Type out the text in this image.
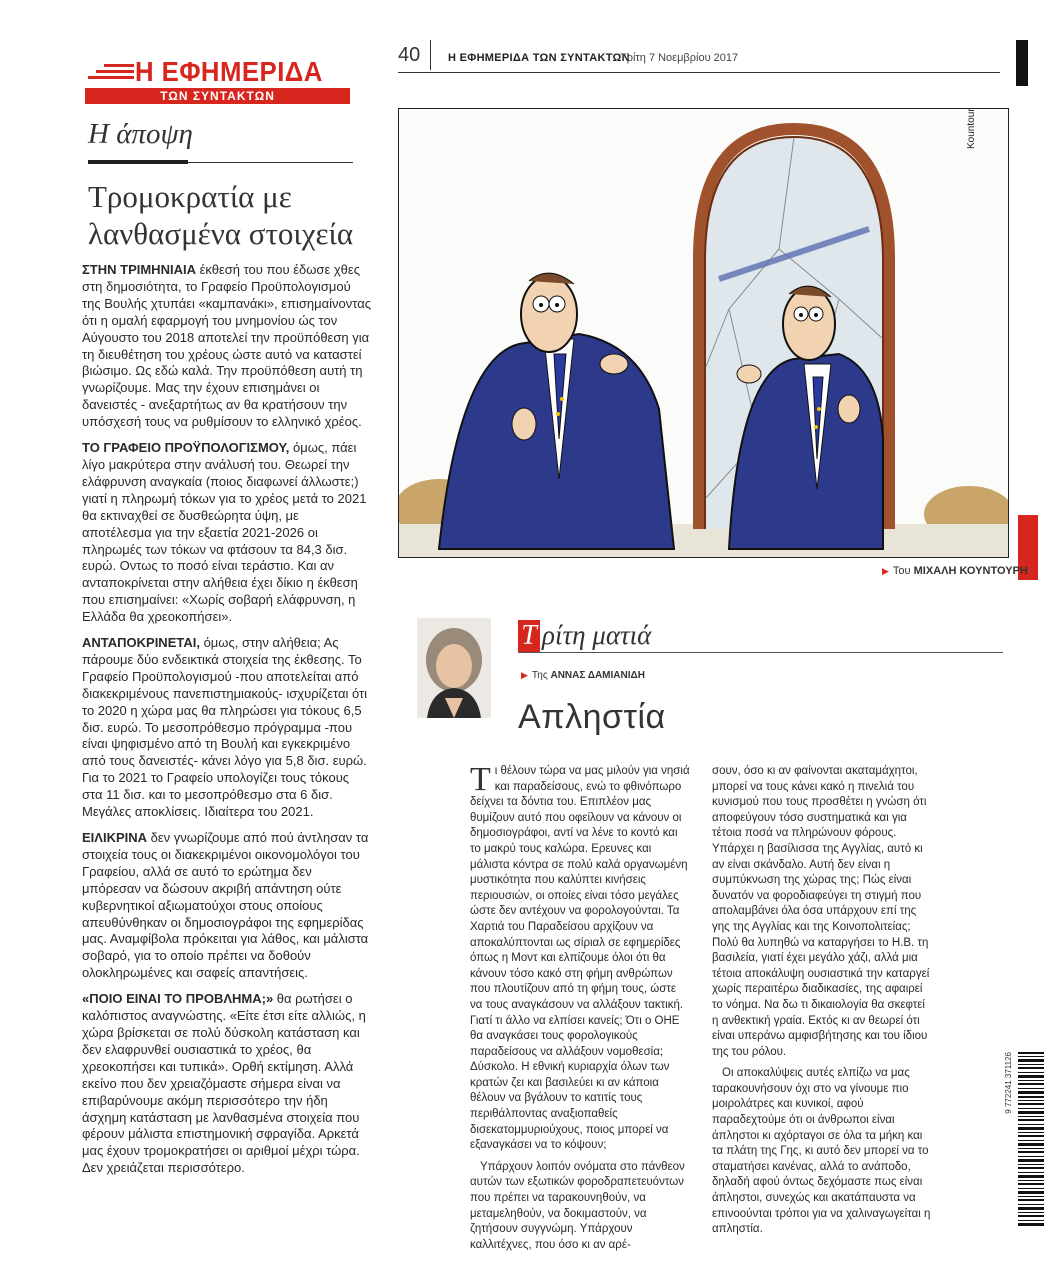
Η ΕΦΗΜΕΡΙΔΑ
ΤΩΝ ΣΥΝΤΑΚΤΩΝ
Η άποψη
Τρομοκρατία με λανθασμένα στοιχεία

ΣΤΗΝ ΤΡΙΜΗΝΙΑΙΑ έκθεσή του που έδωσε χθες στη δημοσιότητα, το Γραφείο Προϋπολογισμού της Βουλής χτυπάει «καμπανάκι», επισημαίνοντας ότι η ομαλή εφαρμογή του μνημονίου ώς τον Αύγουστο του 2018 αποτελεί την προϋπόθεση για τη διευθέτηση του χρέους ώστε αυτό να καταστεί βιώσιμο. Ως εδώ καλά. Την προϋπόθεση αυτή τη γνωρίζουμε. Μας την έχουν επισημάνει οι δανειστές - ανεξαρτήτως αν θα κρατήσουν την υπόσχεσή τους να ρυθμίσουν το ελληνικό χρέος.

ΤΟ ΓΡΑΦΕΙΟ ΠΡΟΫΠΟΛΟΓΙΣΜΟΥ, όμως, πάει λίγο μακρύτερα στην ανάλυσή του. Θεωρεί την ελάφρυνση αναγκαία (ποιος διαφωνεί άλλωστε;) γιατί η πληρωμή τόκων για το χρέος μετά το 2021 θα εκτιναχθεί σε δυσθεώρητα ύψη, με αποτέλεσμα για την εξαετία 2021-2026 οι πληρωμές των τόκων να φτάσουν τα 84,3 δισ. ευρώ. Οντως το ποσό είναι τεράστιο. Και αν ανταποκρίνεται στην αλήθεια έχει δίκιο η έκθεση που επισημαίνει: «Χωρίς σοβαρή ελάφρυνση, η Ελλάδα θα χρεοκοπήσει».

ΑΝΤΑΠΟΚΡΙΝΕΤΑΙ, όμως, στην αλήθεια; Ας πάρουμε δύο ενδεικτικά στοιχεία της έκθεσης. Το Γραφείο Προϋπολογισμού -που αποτελείται από διακεκριμένους πανεπιστημιακούς- ισχυρίζεται ότι το 2020 η χώρα μας θα πληρώσει για τόκους 6,5 δισ. ευρώ. Το μεσοπρόθεσμο πρόγραμμα -που είναι ψηφισμένο από τη Βουλή και εγκεκριμένο από τους δανειστές- κάνει λόγο για 5,8 δισ. ευρώ. Για το 2021 το Γραφείο υπολογίζει τους τόκους στα 11 δισ. και το μεσοπρόθεσμο στα 6 δισ. Μεγάλες αποκλίσεις. Ιδιαίτερα του 2021.

ΕΙΛΙΚΡΙΝΑ δεν γνωρίζουμε από πού άντλησαν τα στοιχεία τους οι διακεκριμένοι οικονομολόγοι του Γραφείου, αλλά σε αυτό το ερώτημα δεν μπόρεσαν να δώσουν ακριβή απάντηση ούτε κυβερνητικοί αξιωματούχοι στους οποίους απευθύνθηκαν οι δημοσιογράφοι της εφημερίδας μας. Αναμφίβολα πρόκειται για λάθος, και μάλιστα σοβαρό, για το οποίο πρέπει να δοθούν ολοκληρωμένες και σαφείς απαντήσεις.

«ΠΟΙΟ ΕΙΝΑΙ ΤΟ ΠΡΟΒΛΗΜΑ;» θα ρωτήσει ο καλόπιστος αναγνώστης. «Είτε έτσι είτε αλλιώς, η χώρα βρίσκεται σε πολύ δύσκολη κατάσταση και δεν ελαφρυνθεί ουσιαστικά το χρέος, θα χρεοκοπήσει και τυπικά». Ορθή εκτίμηση. Αλλά εκείνο που δεν χρειαζόμαστε σήμερα είναι να επιβαρύνουμε ακόμη περισσότερο την ήδη άσχημη κατάσταση με λανθασμένα στοιχεία που φέρουν μάλιστα επιστημονική σφραγίδα. Αρκετά μας έχουν τρομοκρατήσει οι αριθμοί μέχρι τώρα. Δεν χρειάζεται περισσότερο.

40	Η ΕΦΗΜΕΡΙΔΑ ΤΩΝ ΣΥΝΤΑΚΤΩΝ
Τρίτη 7 Νοεμβρίου 2017
Kountouris
▶ Του ΜΙΧΑΛΗ ΚΟΥΝΤΟΥΡΗ
Τ ρίτη ματιά
▶ Της ΑΝΝΑΣ ΔΑΜΙΑΝΙΔΗ
Απληστία

Τι θέλουν τώρα να μας μιλούν για νησιά και παραδείσους, ενώ το φθινόπωρο δείχνει τα δόντια του. Επιπλέον μας θυμίζουν αυτό που οφείλουν να κάνουν οι δημοσιογράφοι, αντί να λένε το κοντό και το μακρύ τους καλώρα. Ερευνες και μάλιστα κόντρα σε πολύ καλά οργανωμένη μυστικότητα που καλύπτει κινήσεις περιουσιών, οι οποίες είναι τόσο μεγάλες ώστε δεν αντέχουν να φορολογούνται. Τα Χαρτιά του Παραδείσου αρχίζουν να αποκαλύπτονται ως σίριαλ σε εφημερίδες όπως η Μοντ και ελπίζουμε όλοι ότι θα κάνουν τόσο κακό στη φήμη ανθρώπων που πλουτίζουν από τη φήμη τους, ώστε να τους αναγκάσουν να αλλάξουν τακτική. Γιατί τι άλλο να ελπίσει κανείς; Ότι ο ΟΗΕ θα αναγκάσει τους φορολογικούς παραδείσους να αλλάξουν νομοθεσία; Δύσκολο. Η εθνική κυριαρχία όλων των κρατών ζει και βασιλεύει κι αν κάποια θέλουν να βγάλουν το κατιτίς τους περιθάλποντας αναξιοπαθείς δισεκατομμυριούχους, ποιος μπορεί να εξαναγκάσει να το κόψουν;

Υπάρχουν λοιπόν ονόματα στο πάνθεον αυτών των εξωτικών φοροδραπετευόντων που πρέπει να ταρακουνηθούν, να μεταμεληθούν, να δοκιμαστούν, να ζητήσουν συγγνώμη. Υπάρχουν καλλιτέχνες, που όσο κι αν αρέ-

σουν, όσο κι αν φαίνονται ακαταμάχητοι, μπορεί να τους κάνει κακό η πινελιά του κυνισμού που τους προσθέτει η γνώση ότι αποφεύγουν τόσο συστηματικά και για τέτοια ποσά να πληρώνουν φόρους. Υπάρχει η βασίλισσα της Αγγλίας, αυτό κι αν είναι σκάνδαλο. Αυτή δεν είναι η συμπύκνωση της χώρας της; Πώς είναι δυνατόν να φοροδιαφεύγει τη στιγμή που απολαμβάνει όλα όσα υπάρχουν επί της γης της Αγγλίας και της Κοινοπολιτείας; Πολύ θα λυπηθώ να καταργήσει το Η.Β. τη βασιλεία, γιατί έχει μεγάλο χάζι, αλλά μια τέτοια αποκάλυψη ουσιαστικά την καταργεί χωρίς περαιτέρω διαδικασίες, της αφαιρεί το νόημα. Να δω τι δικαιολογία θα σκεφτεί η ανθεκτική γραία. Εκτός κι αν θεωρεί ότι είναι υπεράνω αμφισβήτησης και του ίδιου της του ρόλου.

Οι αποκαλύψεις αυτές ελπίζω να μας ταρακουνήσουν όχι στο να γίνουμε πιο μοιρολάτρες και κυνικοί, αφού παραδεχτούμε ότι οι άνθρωποι είναι άπληστοι κι αχόρταγοι σε όλα τα μήκη και τα πλάτη της Γης, κι αυτό δεν μπορεί να το σταματήσει κανένας, αλλά το ανάποδο, δηλαδή αφού όντως δεχόμαστε πως είναι άπληστοι, συνεχώς και ακατάπαυστα να επινοούνται τρόποι για να χαλιναγωγείται η απληστία.

9 772241 371126
